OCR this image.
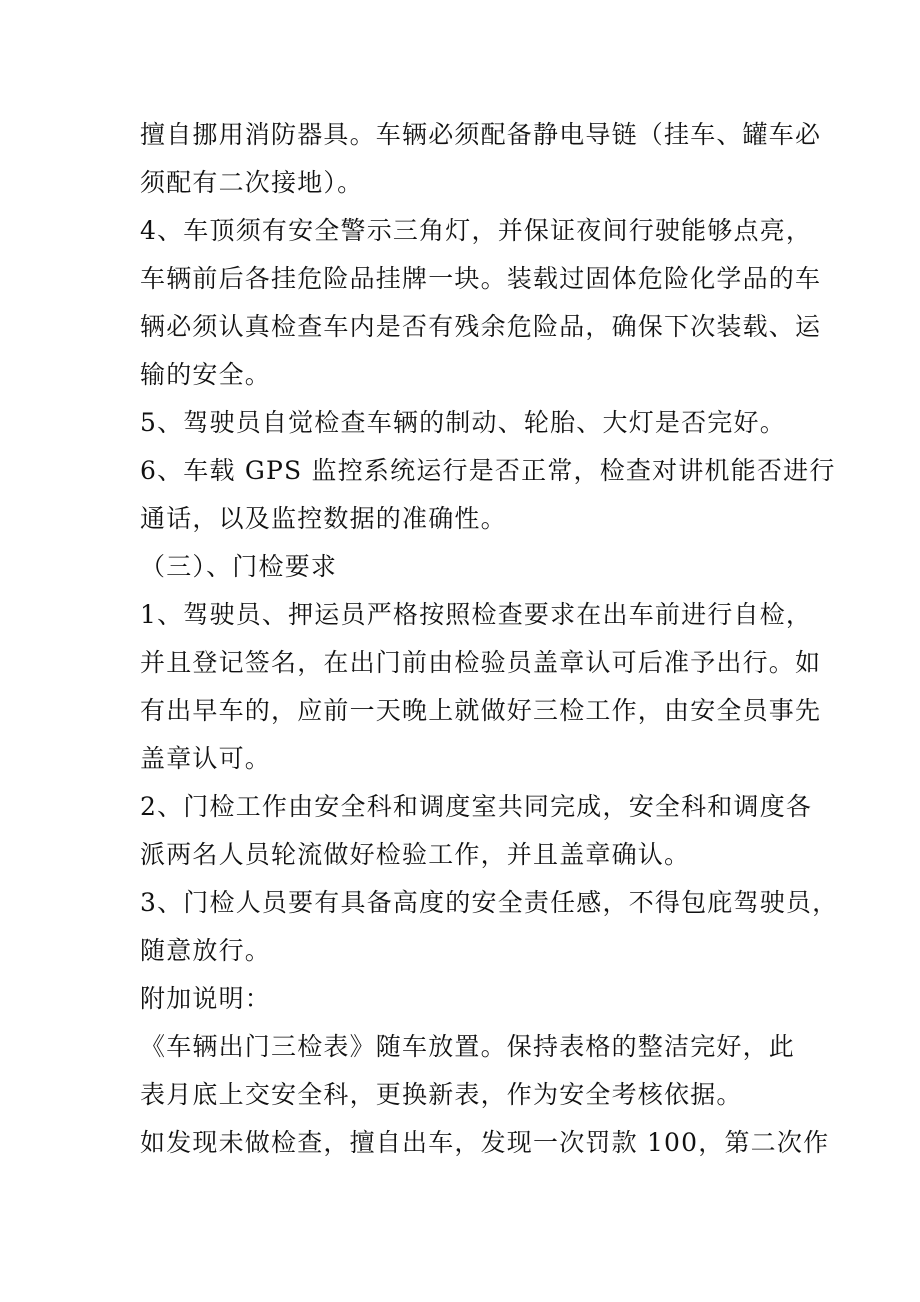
擅自挪用消防器具。车辆必须配备静电导链（挂车、罐车必
须配有二次接地）。
4、车顶须有安全警示三角灯，并保证夜间行驶能够点亮，
车辆前后各挂危险品挂牌一块。装载过固体危险化学品的车
辆必须认真检查车内是否有残余危险品，确保下次装载、运
输的安全。
5、驾驶员自觉检查车辆的制动、轮胎、大灯是否完好。
6、车载 GPS 监控系统运行是否正常，检查对讲机能否进行
通话，以及监控数据的准确性。
（三）、门检要求
1、驾驶员、押运员严格按照检查要求在出车前进行自检，
并且登记签名，在出门前由检验员盖章认可后准予出行。如
有出早车的，应前一天晚上就做好三检工作，由安全员事先
盖章认可。
2、门检工作由安全科和调度室共同完成，安全科和调度各
派两名人员轮流做好检验工作，并且盖章确认。
3、门检人员要有具备高度的安全责任感，不得包庇驾驶员，
随意放行。
附加说明：
《车辆出门三检表》随车放置。保持表格的整洁完好，此
表月底上交安全科，更换新表，作为安全考核依据。
如发现未做检查，擅自出车，发现一次罚款 100，第二次作
